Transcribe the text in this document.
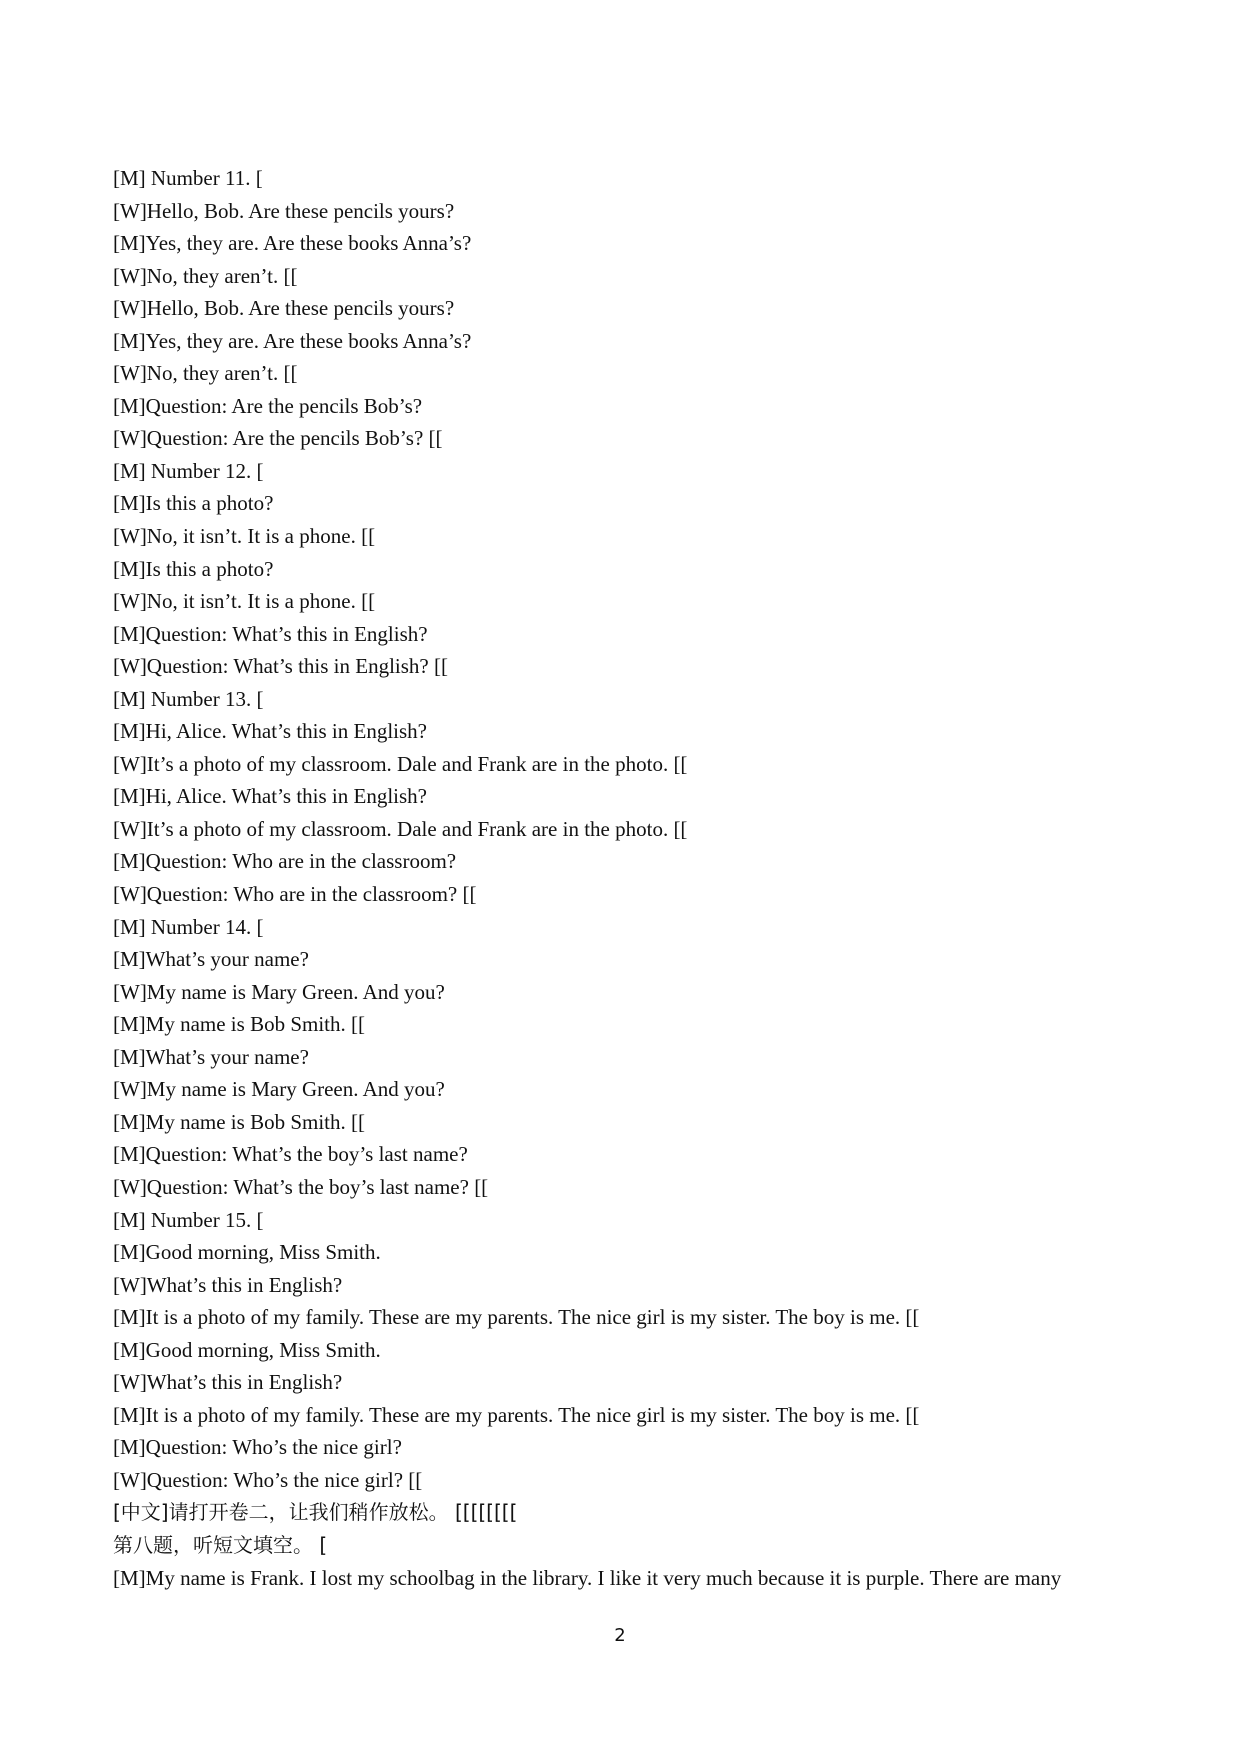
[M] Number 11. [
[W]Hello, Bob. Are these pencils yours?
[M]Yes, they are. Are these books Anna’s?
[W]No, they aren’t. [[
[W]Hello, Bob. Are these pencils yours?
[M]Yes, they are. Are these books Anna’s?
[W]No, they aren’t. [[
[M]Question: Are the pencils Bob’s?
[W]Question: Are the pencils Bob’s? [[
[M] Number 12. [
[M]Is this a photo?
[W]No, it isn’t. It is a phone. [[
[M]Is this a photo?
[W]No, it isn’t. It is a phone. [[
[M]Question: What’s this in English?
[W]Question: What’s this in English? [[
[M] Number 13. [
[M]Hi, Alice. What’s this in English?
[W]It’s a photo of my classroom. Dale and Frank are in the photo. [[
[M]Hi, Alice. What’s this in English?
[W]It’s a photo of my classroom. Dale and Frank are in the photo. [[
[M]Question: Who are in the classroom?
[W]Question: Who are in the classroom? [[
[M] Number 14. [
[M]What’s your name?
[W]My name is Mary Green. And you?
[M]My name is Bob Smith. [[
[M]What’s your name?
[W]My name is Mary Green. And you?
[M]My name is Bob Smith. [[
[M]Question: What’s the boy’s last name?
[W]Question: What’s the boy’s last name? [[
[M] Number 15. [
[M]Good morning, Miss Smith.
[W]What’s this in English?
[M]It is a photo of my family. These are my parents. The nice girl is my sister. The boy is me. [[
[M]Good morning, Miss Smith.
[W]What’s this in English?
[M]It is a photo of my family. These are my parents. The nice girl is my sister. The boy is me. [[
[M]Question: Who’s the nice girl?
[W]Question: Who’s the nice girl? [[
[中文]请打开卷二，让我们稍作放松。 [[[[[[[[
第八题，听短文填空。 [
[M]My name is Frank. I lost my schoolbag in the library. I like it very much because it is purple. There are many
2
